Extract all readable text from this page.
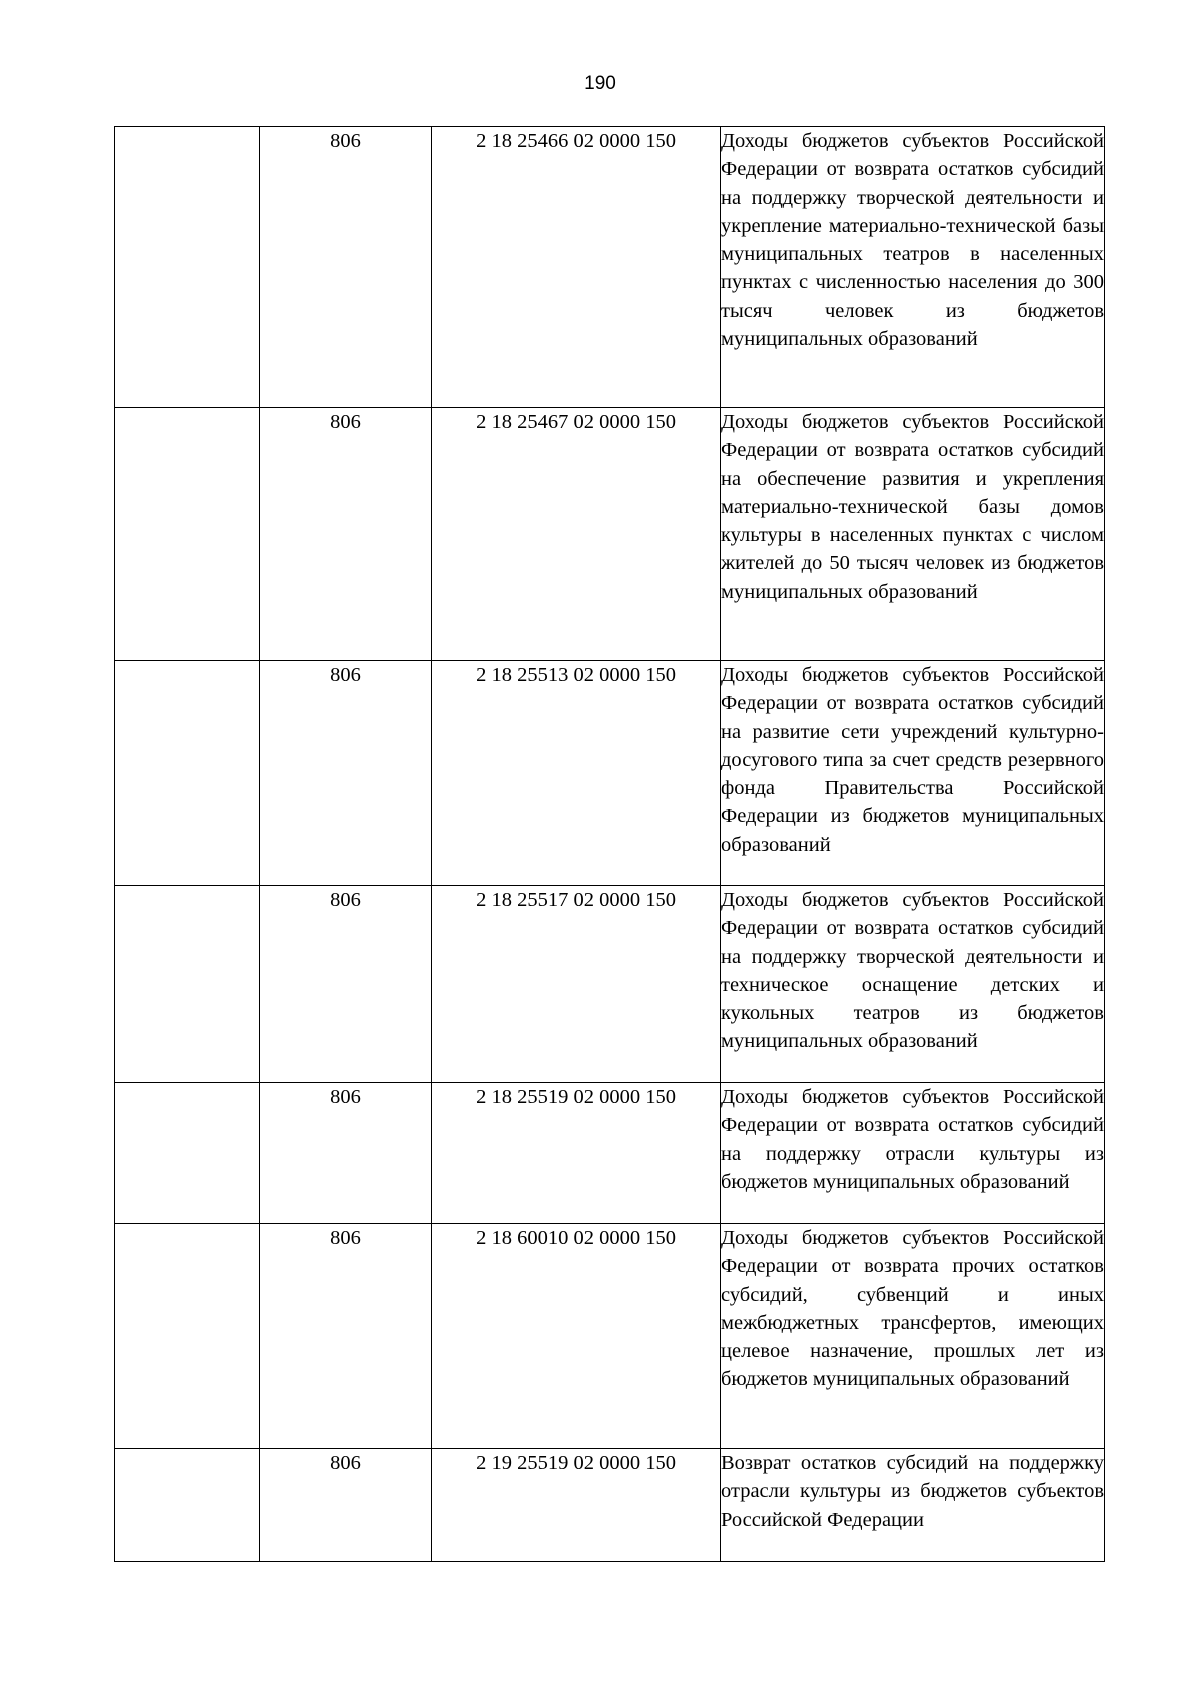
190
	806	2 18 25466 02 0000 150	Доходы бюджетов субъектов Российской Федерации от возврата остатков субсидий на поддержку творческой деятельности и укрепление материально-технической базы муниципальных театров в населенных пунктах с численностью населения до 300 тысяч человек из бюджетов муниципальных образований
	806	2 18 25467 02 0000 150	Доходы бюджетов субъектов Российской Федерации от возврата остатков субсидий на обеспечение развития и укрепления материально-технической базы домов культуры в населенных пунктах с числом жителей до 50 тысяч человек из бюджетов муниципальных образований
	806	2 18 25513 02 0000 150	Доходы бюджетов субъектов Российской Федерации от возврата остатков субсидий на развитие сети учреждений культурно-досугового типа за счет средств резервного фонда Правительства Российской Федерации из бюджетов муниципальных образований
	806	2 18 25517 02 0000 150	Доходы бюджетов субъектов Российской Федерации от возврата остатков субсидий на поддержку творческой деятельности и техническое оснащение детских и кукольных театров из бюджетов муниципальных образований
	806	2 18 25519 02 0000 150	Доходы бюджетов субъектов Российской Федерации от возврата остатков субсидий на поддержку отрасли культуры из бюджетов муниципальных образований
	806	2 18 60010 02 0000 150	Доходы бюджетов субъектов Российской Федерации от возврата прочих остатков субсидий, субвенций и иных межбюджетных трансфертов, имеющих целевое назначение, прошлых лет из бюджетов муниципальных образований
	806	2 19 25519 02 0000 150	Возврат остатков субсидий на поддержку отрасли культуры из бюджетов субъектов Российской Федерации
